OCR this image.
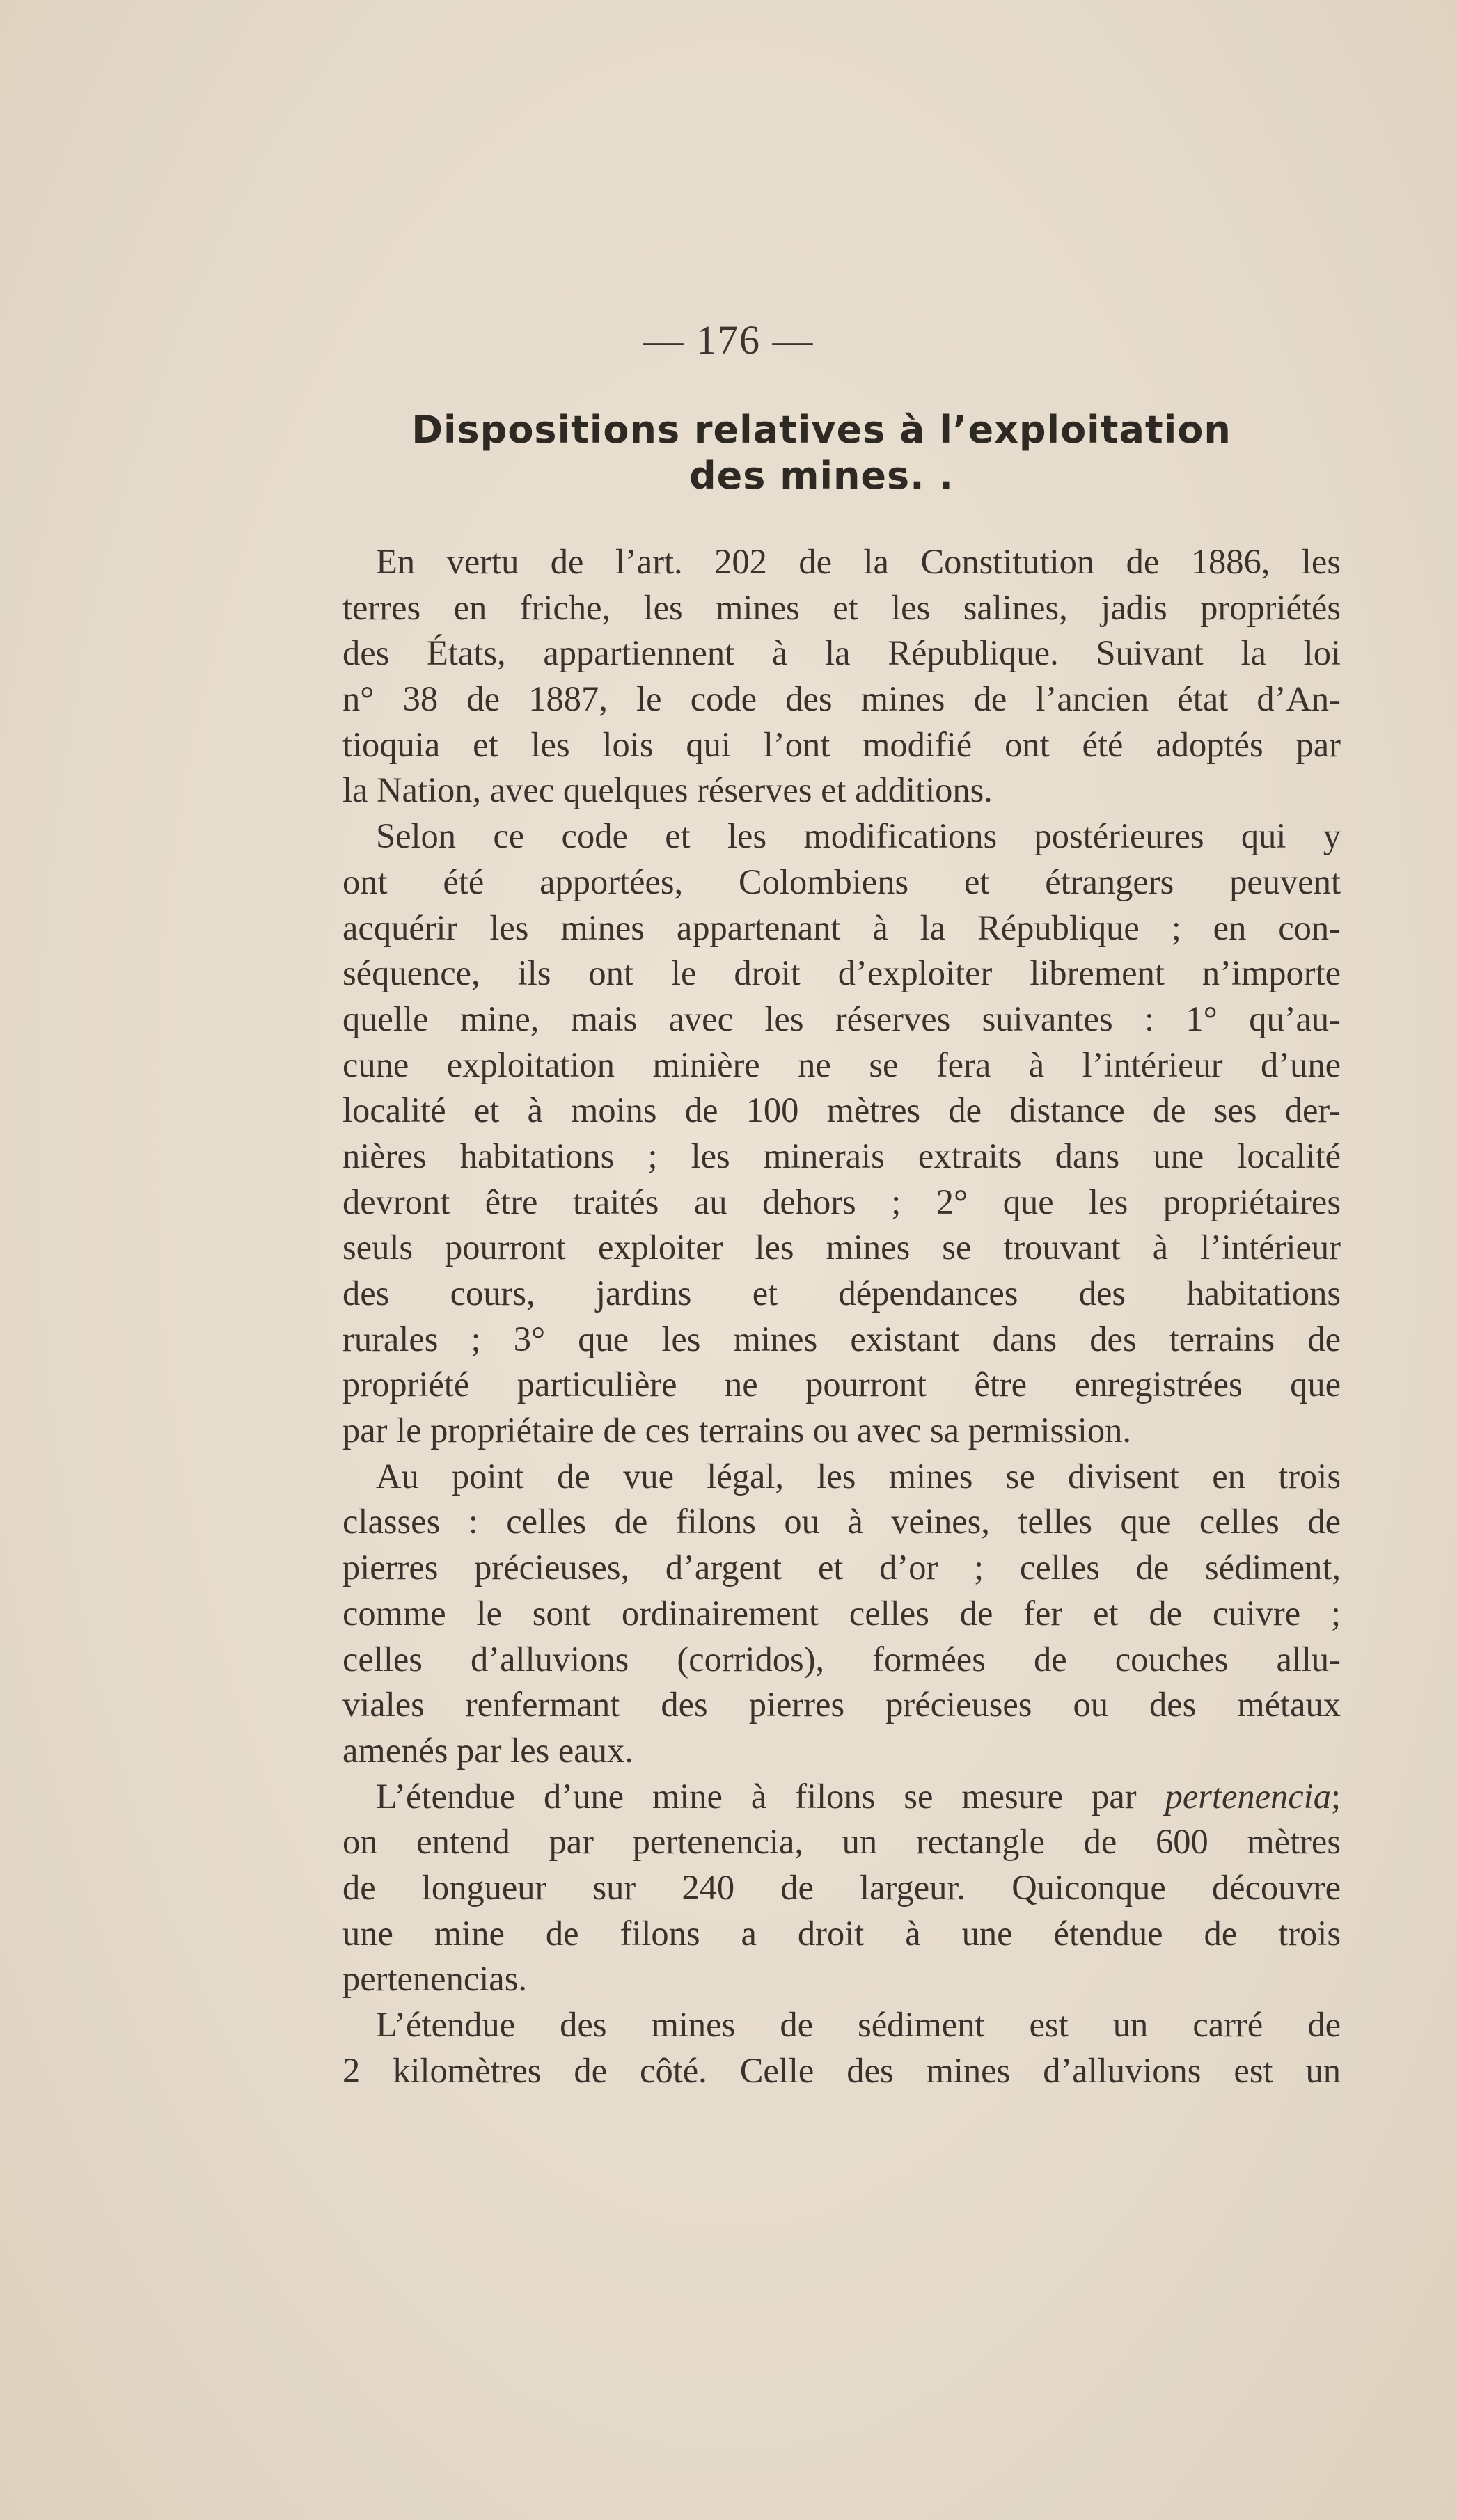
— 176 —
Dispositions relatives à l’exploitation
des mines. .
En vertu de l’art. 202 de la Constitution de 1886, les
terres en friche, les mines et les salines, jadis propriétés
des États, appartiennent à la République. Suivant la loi
n° 38 de 1887, le code des mines de l’ancien état d’An-
tioquia et les lois qui l’ont modifié ont été adoptés par
la Nation, avec quelques réserves et additions.
Selon ce code et les modifications postérieures qui y
ont été apportées, Colombiens et étrangers peuvent
acquérir les mines appartenant à la République ; en con-
séquence, ils ont le droit d’exploiter librement n’importe
quelle mine, mais avec les réserves suivantes : 1° qu’au-
cune exploitation minière ne se fera à l’intérieur d’une
localité et à moins de 100 mètres de distance de ses der-
nières habitations ; les minerais extraits dans une localité
devront être traités au dehors ; 2° que les propriétaires
seuls pourront exploiter les mines se trouvant à l’intérieur
des cours, jardins et dépendances des habitations
rurales ; 3° que les mines existant dans des terrains de
propriété particulière ne pourront être enregistrées que
par le propriétaire de ces terrains ou avec sa permission.
Au point de vue légal, les mines se divisent en trois
classes : celles de filons ou à veines, telles que celles de
pierres précieuses, d’argent et d’or ; celles de sédiment,
comme le sont ordinairement celles de fer et de cuivre ;
celles d’alluvions (corridos), formées de couches allu-
viales renfermant des pierres précieuses ou des métaux
amenés par les eaux.
L’étendue d’une mine à filons se mesure par pertenencia;
on entend par pertenencia, un rectangle de 600 mètres
de longueur sur 240 de largeur. Quiconque découvre
une mine de filons a droit à une étendue de trois
pertenencias.
L’étendue des mines de sédiment est un carré de
2 kilomètres de côté. Celle des mines d’alluvions est un
